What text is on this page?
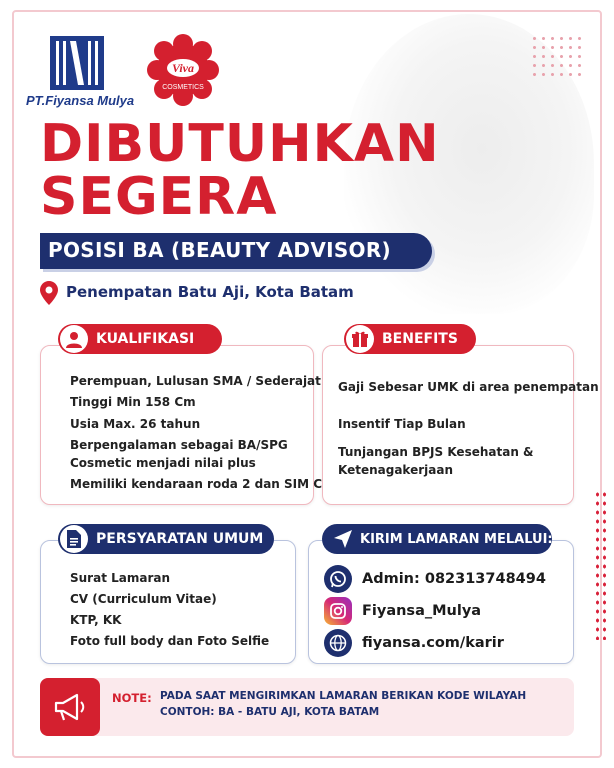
PT.Fiyansa Mulya
Viva
COSMETICS
DIBUTUHKAN
SEGERA
POSISI BA (BEAUTY ADVISOR)
Penempatan Batu Aji, Kota Batam
KUALIFIKASI
Perempuan, Lulusan SMA / Sederajat
Tinggi Min 158 Cm
Usia Max. 26 tahun
Berpengalaman sebagai BA/SPG
Cosmetic menjadi nilai plus
Memiliki kendaraan roda 2 dan SIM C
BENEFITS
Gaji Sebesar UMK di area penempatan
Insentif Tiap Bulan
Tunjangan BPJS Kesehatan &
Ketenagakerjaan
PERSYARATAN UMUM
Surat Lamaran
CV (Curriculum Vitae)
KTP, KK
Foto full body dan Foto Selfie
KIRIM LAMARAN MELALUI:
Admin: 082313748494
Fiyansa_Mulya
fiyansa.com/karir
NOTE: PADA SAAT MENGIRIMKAN LAMARAN BERIKAN KODE WILAYAH
CONTOH: BA - BATU AJI, KOTA BATAM
